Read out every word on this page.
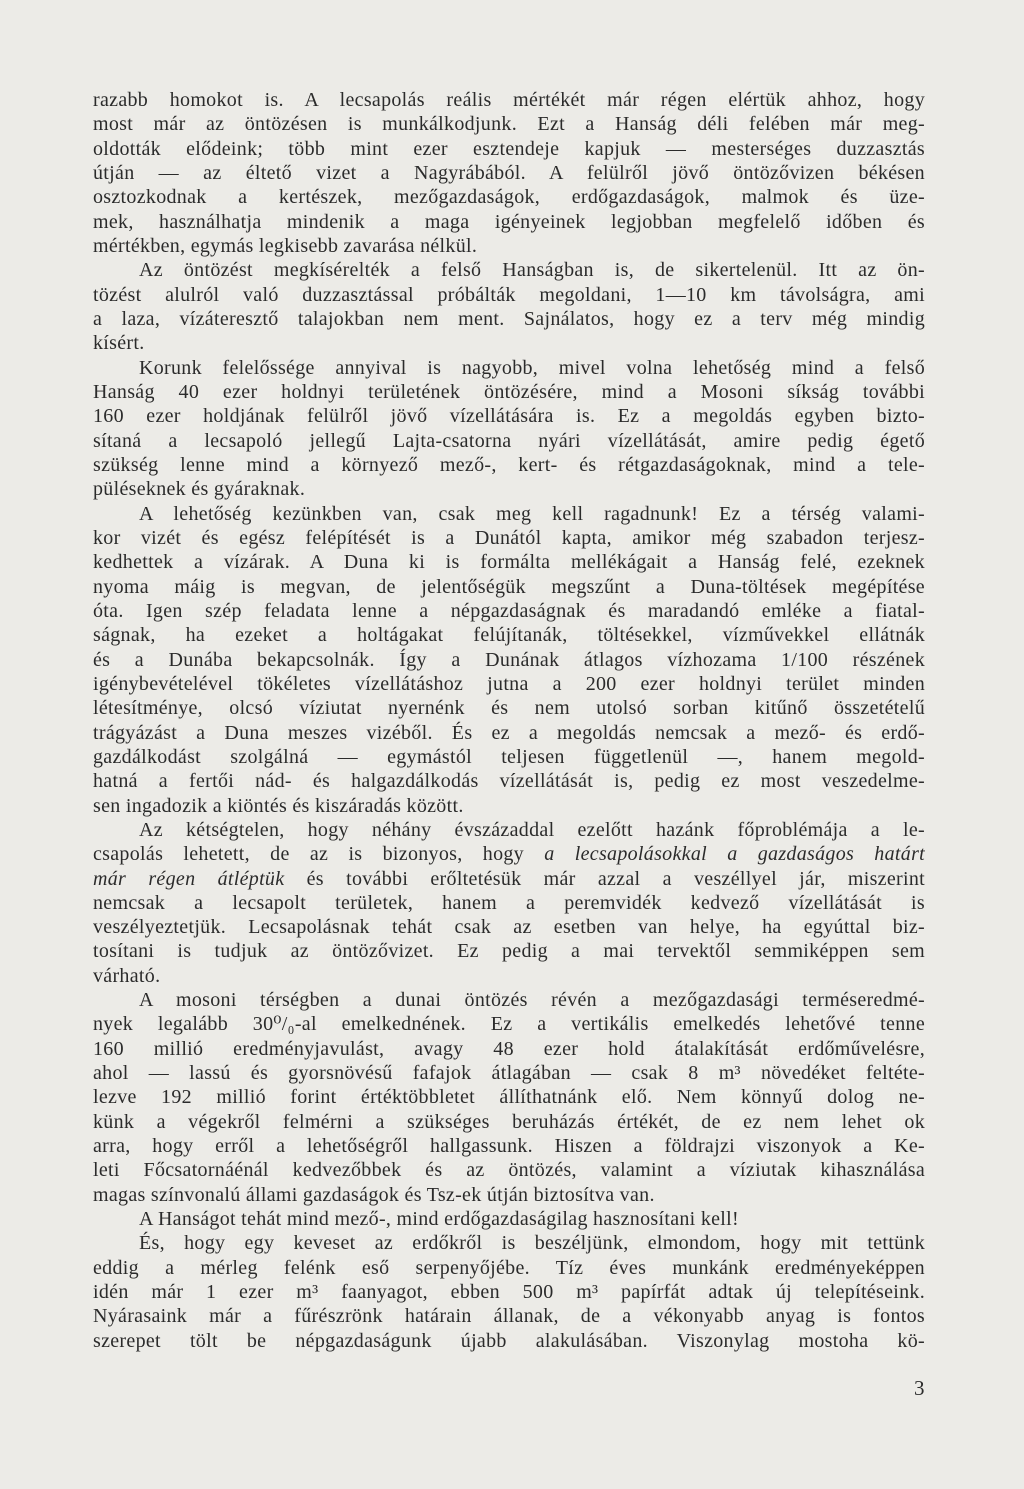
razabb homokot is. A lecsapolás reális mértékét már régen elértük ahhoz, hogy
most már az öntözésen is munkálkodjunk. Ezt a Hanság déli felében már meg-
oldották elődeink; több mint ezer esztendeje kapjuk — mesterséges duzzasztás
útján — az éltető vizet a Nagyrábából. A felülről jövő öntözővizen békésen
osztozkodnak a kertészek, mezőgazdaságok, erdőgazdaságok, malmok és üze-
mek, használhatja mindenik a maga igényeinek legjobban megfelelő időben és
mértékben, egymás legkisebb zavarása nélkül.
Az öntözést megkísérelték a felső Hanságban is, de sikertelenül. Itt az ön-
tözést alulról való duzzasztással próbálták megoldani, 1—10 km távolságra, ami
a laza, vízáteresztő talajokban nem ment. Sajnálatos, hogy ez a terv még mindig
kísért.
Korunk felelőssége annyival is nagyobb, mivel volna lehetőség mind a felső
Hanság 40 ezer holdnyi területének öntözésére, mind a Mosoni síkság további
160 ezer holdjának felülről jövő vízellátására is. Ez a megoldás egyben bizto-
sítaná a lecsapoló jellegű Lajta-csatorna nyári vízellátását, amire pedig égető
szükség lenne mind a környező mező-, kert- és rétgazdaságoknak, mind a tele-
püléseknek és gyáraknak.
A lehetőség kezünkben van, csak meg kell ragadnunk! Ez a térség valami-
kor vizét és egész felépítését is a Dunától kapta, amikor még szabadon terjesz-
kedhettek a vízárak. A Duna ki is formálta mellékágait a Hanság felé, ezeknek
nyoma máig is megvan, de jelentőségük megszűnt a Duna-töltések megépítése
óta. Igen szép feladata lenne a népgazdaságnak és maradandó emléke a fiatal-
ságnak, ha ezeket a holtágakat felújítanák, töltésekkel, vízművekkel ellátnák
és a Dunába bekapcsolnák. Így a Dunának átlagos vízhozama 1/100 részének
igénybevételével tökéletes vízellátáshoz jutna a 200 ezer holdnyi terület minden
létesítménye, olcsó víziutat nyernénk és nem utolsó sorban kitűnő összetételű
trágyázást a Duna meszes vizéből. És ez a megoldás nemcsak a mező- és erdő-
gazdálkodást szolgálná — egymástól teljesen függetlenül —, hanem megold-
hatná a fertői nád- és halgazdálkodás vízellátását is, pedig ez most veszedelme-
sen ingadozik a kiöntés és kiszáradás között.
Az kétségtelen, hogy néhány évszázaddal ezelőtt hazánk főproblémája a le-
csapolás lehetett, de az is bizonyos, hogy a lecsapolásokkal a gazdaságos határt
már régen átléptük és további erőltetésük már azzal a veszéllyel jár, miszerint
nemcsak a lecsapolt területek, hanem a peremvidék kedvező vízellátását is
veszélyeztetjük. Lecsapolásnak tehát csak az esetben van helye, ha egyúttal biz-
tosítani is tudjuk az öntözővizet. Ez pedig a mai tervektől semmiképpen sem
várható.
A mosoni térségben a dunai öntözés révén a mezőgazdasági terméseredmé-
nyek legalább 30⁰/₀-al emelkednének. Ez a vertikális emelkedés lehetővé tenne
160 millió eredményjavulást, avagy 48 ezer hold átalakítását erdőművelésre,
ahol — lassú és gyorsnövésű fafajok átlagában — csak 8 m³ növedéket feltéte-
lezve 192 millió forint értéktöbbletet állíthatnánk elő. Nem könnyű dolog ne-
künk a végekről felmérni a szükséges beruházás értékét, de ez nem lehet ok
arra, hogy erről a lehetőségről hallgassunk. Hiszen a földrajzi viszonyok a Ke-
leti Főcsatornáénál kedvezőbbek és az öntözés, valamint a víziutak kihasználása
magas színvonalú állami gazdaságok és Tsz-ek útján biztosítva van.
A Hanságot tehát mind mező-, mind erdőgazdaságilag hasznosítani kell!
És, hogy egy keveset az erdőkről is beszéljünk, elmondom, hogy mit tettünk
eddig a mérleg felénk eső serpenyőjébe. Tíz éves munkánk eredményeképpen
idén már 1 ezer m³ faanyagot, ebben 500 m³ papírfát adtak új telepítéseink.
Nyárasaink már a fűrészrönk határain állanak, de a vékonyabb anyag is fontos
szerepet tölt be népgazdaságunk újabb alakulásában. Viszonylag mostoha kö-
3
